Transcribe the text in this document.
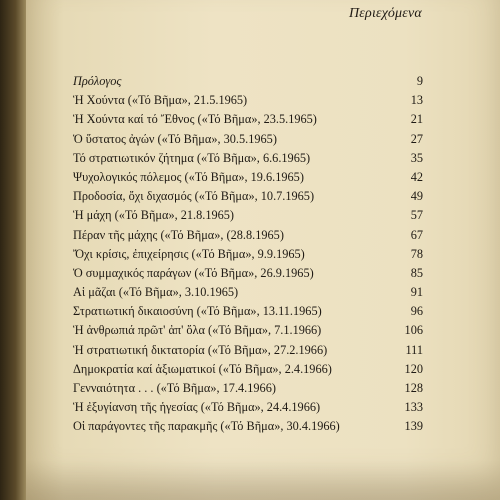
Περιεχόμενα
Πρόλογος	9
Ἡ Χούντα («Τό Βῆμα», 21.5.1965)	13
Ἡ Χούντα καί τό Ἔθνος («Τό Βῆμα», 23.5.1965)	21
Ὁ ὕστατος ἀγών («Τό Βῆμα», 30.5.1965)	27
Τό στρατιωτικόν ζήτημα («Τό Βῆμα», 6.6.1965)	35
Ψυχολογικός πόλεμος («Τό Βῆμα», 19.6.1965)	42
Προδοσία, ὄχι διχασμός («Τό Βῆμα», 10.7.1965)	49
Ἡ μάχη («Τό Βῆμα», 21.8.1965)	57
Πέραν τῆς μάχης («Τό Βῆμα», (28.8.1965)	67
Ὄχι κρίσις, ἐπιχείρησις («Τό Βῆμα», 9.9.1965)	78
Ὁ συμμαχικός παράγων («Τό Βῆμα», 26.9.1965)	85
Αἱ μᾶζαι («Τό Βῆμα», 3.10.1965)	91
Στρατιωτική δικαιοσύνη («Τό Βῆμα», 13.11.1965)	96
Ἡ ἀνθρωπιά πρῶτ' ἀπ' ὅλα («Τό Βῆμα», 7.1.1966)	106
Ἡ στρατιωτική δικτατορία («Τό Βῆμα», 27.2.1966)	111
Δημοκρατία καί ἀξιωματικοί («Τό Βῆμα», 2.4.1966)	120
Γενναιότητα . . . («Τό Βῆμα», 17.4.1966)	128
Ἡ ἐξυγίανση τῆς ἡγεσίας («Τό Βῆμα», 24.4.1966)	133
Οἱ παράγοντες τῆς παρακμῆς («Τό Βῆμα», 30.4.1966)	139
